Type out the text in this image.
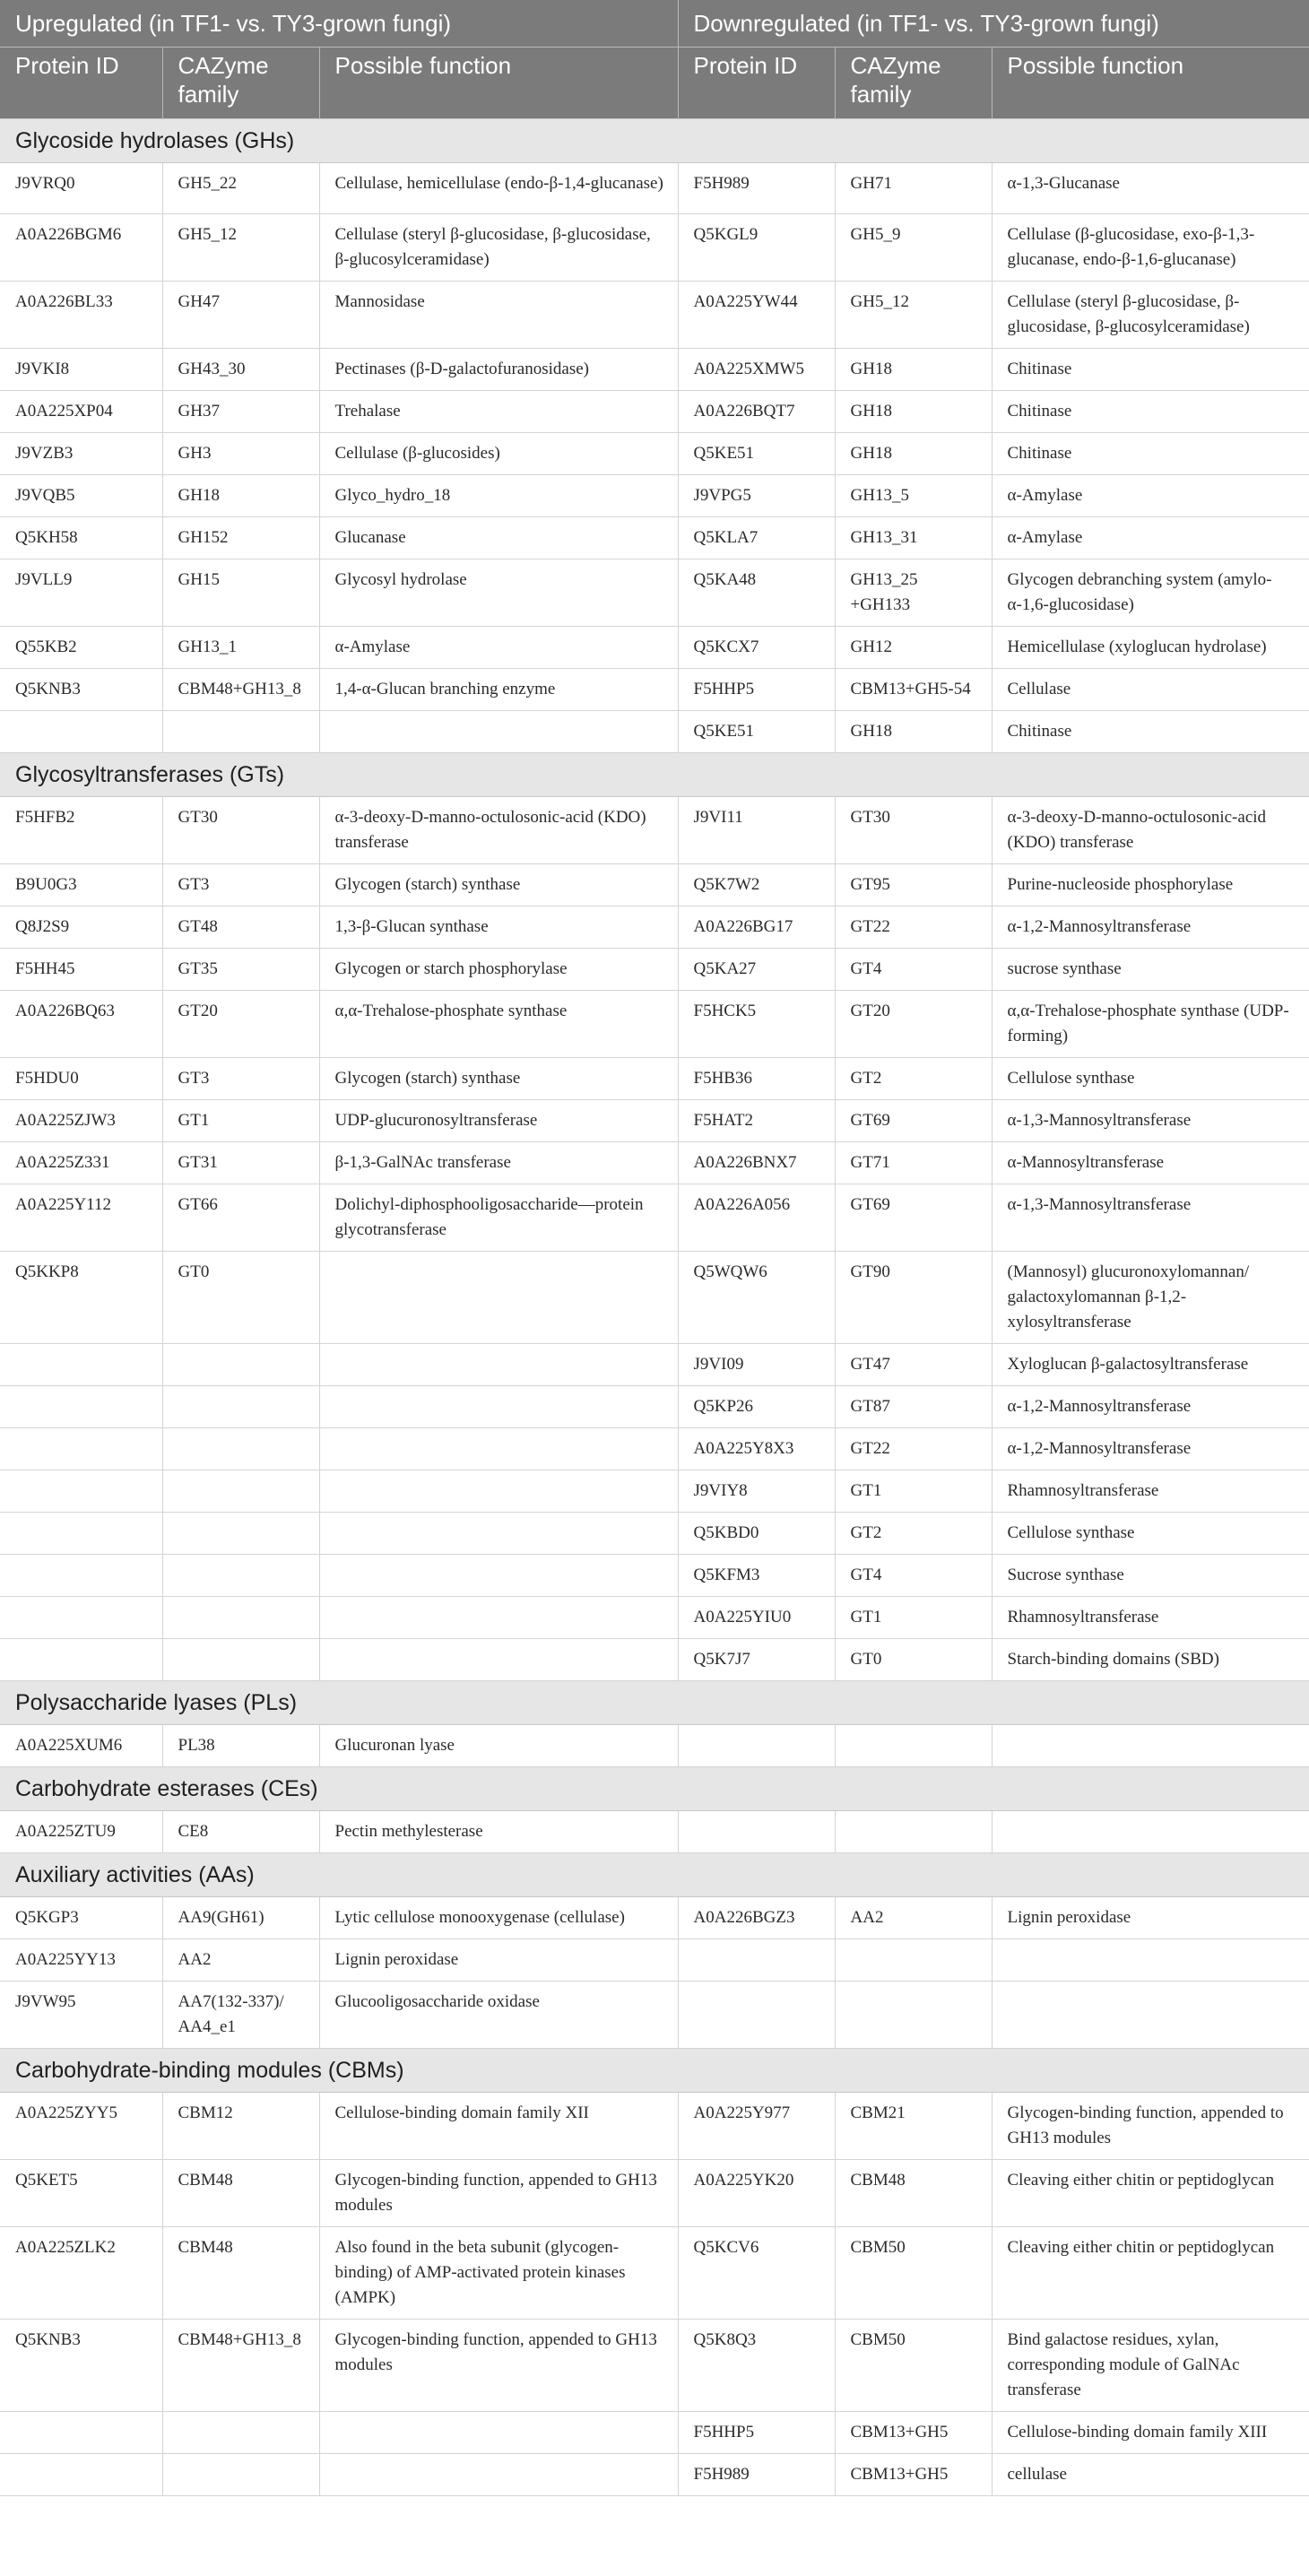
Upregulated (in TF1- vs. TY3-grown fungi)			Downregulated (in TF1- vs. TY3-grown fungi)		
Protein ID	CAZyme family	Possible function	Protein ID	CAZyme family	Possible function
Glycoside hydrolases (GHs)					
J9VRQ0	GH5_22	Cellulase, hemicellulase (endo-β-1,4-glucanase)	F5H989	GH71	α-1,3-Glucanase
A0A226BGM6	GH5_12	Cellulase (steryl β-glucosidase, β-glucosidase, β-glucosylceramidase)	Q5KGL9	GH5_9	Cellulase (β-glucosidase, exo-β-1,3-glucanase, endo-β-1,6-glucanase)
A0A226BL33	GH47	Mannosidase	A0A225YW44	GH5_12	Cellulase (steryl β-glucosidase, β-glucosidase, β-glucosylceramidase)
J9VKI8	GH43_30	Pectinases (β-D-galactofuranosidase)	A0A225XMW5	GH18	Chitinase
A0A225XP04	GH37	Trehalase	A0A226BQT7	GH18	Chitinase
J9VZB3	GH3	Cellulase (β-glucosides)	Q5KE51	GH18	Chitinase
J9VQB5	GH18	Glyco_hydro_18	J9VPG5	GH13_5	α-Amylase
Q5KH58	GH152	Glucanase	Q5KLA7	GH13_31	α-Amylase
J9VLL9	GH15	Glycosyl hydrolase	Q5KA48	GH13_25 +GH133	Glycogen debranching system (amylo-α-1,6-glucosidase)
Q55KB2	GH13_1	α-Amylase	Q5KCX7	GH12	Hemicellulase (xyloglucan hydrolase)
Q5KNB3	CBM48+GH13_8	1,4-α-Glucan branching enzyme	F5HHP5	CBM13+GH5-54	Cellulase
			Q5KE51	GH18	Chitinase
Glycosyltransferases (GTs)					
F5HFB2	GT30	α-3-deoxy-D-manno-octulosonic-acid (KDO) transferase	J9VI11	GT30	α-3-deoxy-D-manno-octulosonic-acid (KDO) transferase
B9U0G3	GT3	Glycogen (starch) synthase	Q5K7W2	GT95	Purine-nucleoside phosphorylase
Q8J2S9	GT48	1,3-β-Glucan synthase	A0A226BG17	GT22	α-1,2-Mannosyltransferase
F5HH45	GT35	Glycogen or starch phosphorylase	Q5KA27	GT4	sucrose synthase
A0A226BQ63	GT20	α,α-Trehalose-phosphate synthase	F5HCK5	GT20	α,α-Trehalose-phosphate synthase (UDP-forming)
F5HDU0	GT3	Glycogen (starch) synthase	F5HB36	GT2	Cellulose synthase
A0A225ZJW3	GT1	UDP-glucuronosyltransferase	F5HAT2	GT69	α-1,3-Mannosyltransferase
A0A225Z331	GT31	β-1,3-GalNAc transferase	A0A226BNX7	GT71	α-Mannosyltransferase
A0A225Y112	GT66	Dolichyl-diphosphooligosaccharide—protein glycotransferase	A0A226A056	GT69	α-1,3-Mannosyltransferase
Q5KKP8	GT0		Q5WQW6	GT90	(Mannosyl) glucuronoxylomannan/ galactoxylomannan β-1,2-xylosyltransferase
			J9VI09	GT47	Xyloglucan β-galactosyltransferase
			Q5KP26	GT87	α-1,2-Mannosyltransferase
			A0A225Y8X3	GT22	α-1,2-Mannosyltransferase
			J9VIY8	GT1	Rhamnosyltransferase
			Q5KBD0	GT2	Cellulose synthase
			Q5KFM3	GT4	Sucrose synthase
			A0A225YIU0	GT1	Rhamnosyltransferase
			Q5K7J7	GT0	Starch-binding domains (SBD)
Polysaccharide lyases (PLs)					
A0A225XUM6	PL38	Glucuronan lyase			
Carbohydrate esterases (CEs)					
A0A225ZTU9	CE8	Pectin methylesterase			
Auxiliary activities (AAs)					
Q5KGP3	AA9(GH61)	Lytic cellulose monooxygenase (cellulase)	A0A226BGZ3	AA2	Lignin peroxidase
A0A225YY13	AA2	Lignin peroxidase			
J9VW95	AA7(132-337)/ AA4_e1	Glucooligosaccharide oxidase			
Carbohydrate-binding modules (CBMs)					
A0A225ZYY5	CBM12	Cellulose-binding domain family XII	A0A225Y977	CBM21	Glycogen-binding function, appended to GH13 modules
Q5KET5	CBM48	Glycogen-binding function, appended to GH13 modules	A0A225YK20	CBM48	Cleaving either chitin or peptidoglycan
A0A225ZLK2	CBM48	Also found in the beta subunit (glycogen-binding) of AMP-activated protein kinases (AMPK)	Q5KCV6	CBM50	Cleaving either chitin or peptidoglycan
Q5KNB3	CBM48+GH13_8	Glycogen-binding function, appended to GH13 modules	Q5K8Q3	CBM50	Bind galactose residues, xylan, corresponding module of GalNAc transferase
			F5HHP5	CBM13+GH5	Cellulose-binding domain family XIII
			F5H989	CBM13+GH5	cellulase
